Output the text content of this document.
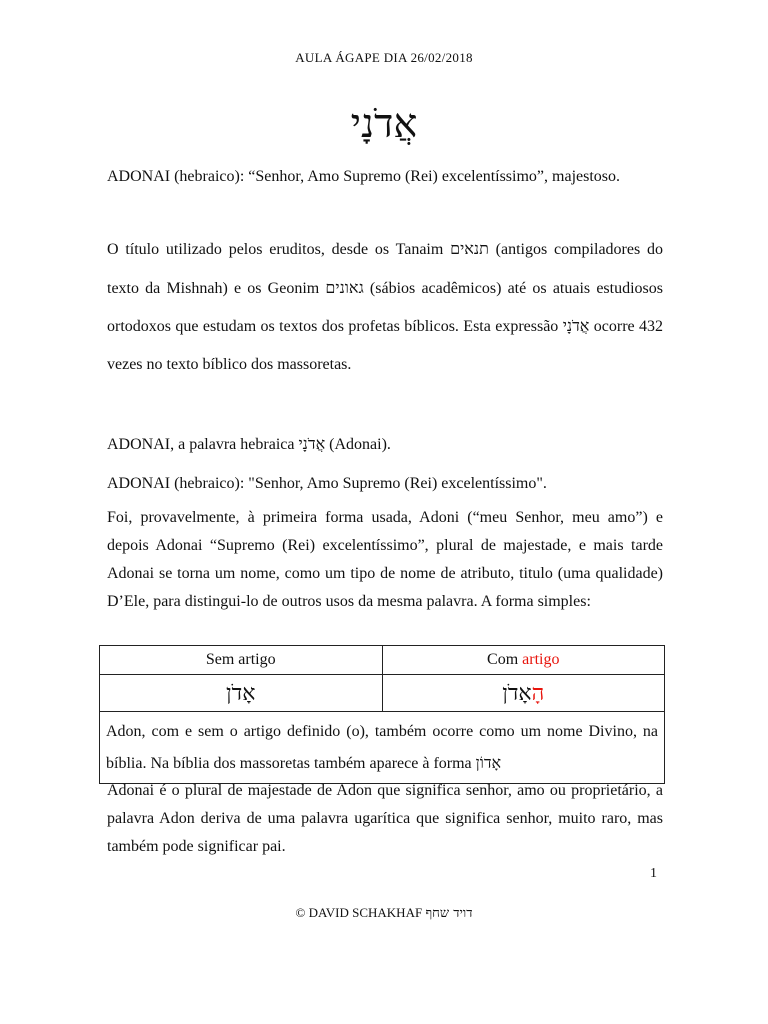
AULA ÁGAPE DIA 26/02/2018
אֲדֹנָי

ADONAI (hebraico): “Senhor, Amo Supremo (Rei) excelentíssimo”, majestoso.

O título utilizado pelos eruditos, desde os Tanaim תנאים (antigos compiladores do texto da Mishnah) e os Geonim גאונים (sábios acadêmicos) até os atuais estudiosos ortodoxos que estudam os textos dos profetas bíblicos. Esta expressão אֲדֹנָי ocorre 432 vezes no texto bíblico dos massoretas.

ADONAI, a palavra hebraica אֲדֹנָי (Adonai).

ADONAI (hebraico): "Senhor, Amo Supremo (Rei) excelentíssimo".

Foi, provavelmente, à primeira forma usada, Adoni (“meu Senhor, meu amo”) e depois Adonai “Supremo (Rei) excelentíssimo”, plural de majestade, e mais tarde Adonai se torna um nome, como um tipo de nome de atributo, titulo (uma qualidade) D’Ele, para distingui-lo de outros usos da mesma palavra. A forma simples:

Sem artigo	Com artigo
אָדֹן	הָאָדֹן
Adon, com e sem o artigo definido (o), também ocorre como um nome Divino, na bíblia. Na bíblia dos massoretas também aparece à forma אָדוֹן	

Adonai é o plural de majestade de Adon que significa senhor, amo ou proprietário, a palavra Adon deriva de uma palavra ugarítica que significa senhor, muito raro, mas também pode significar pai.

1
© DAVID SCHAKHAF דויד שחף
